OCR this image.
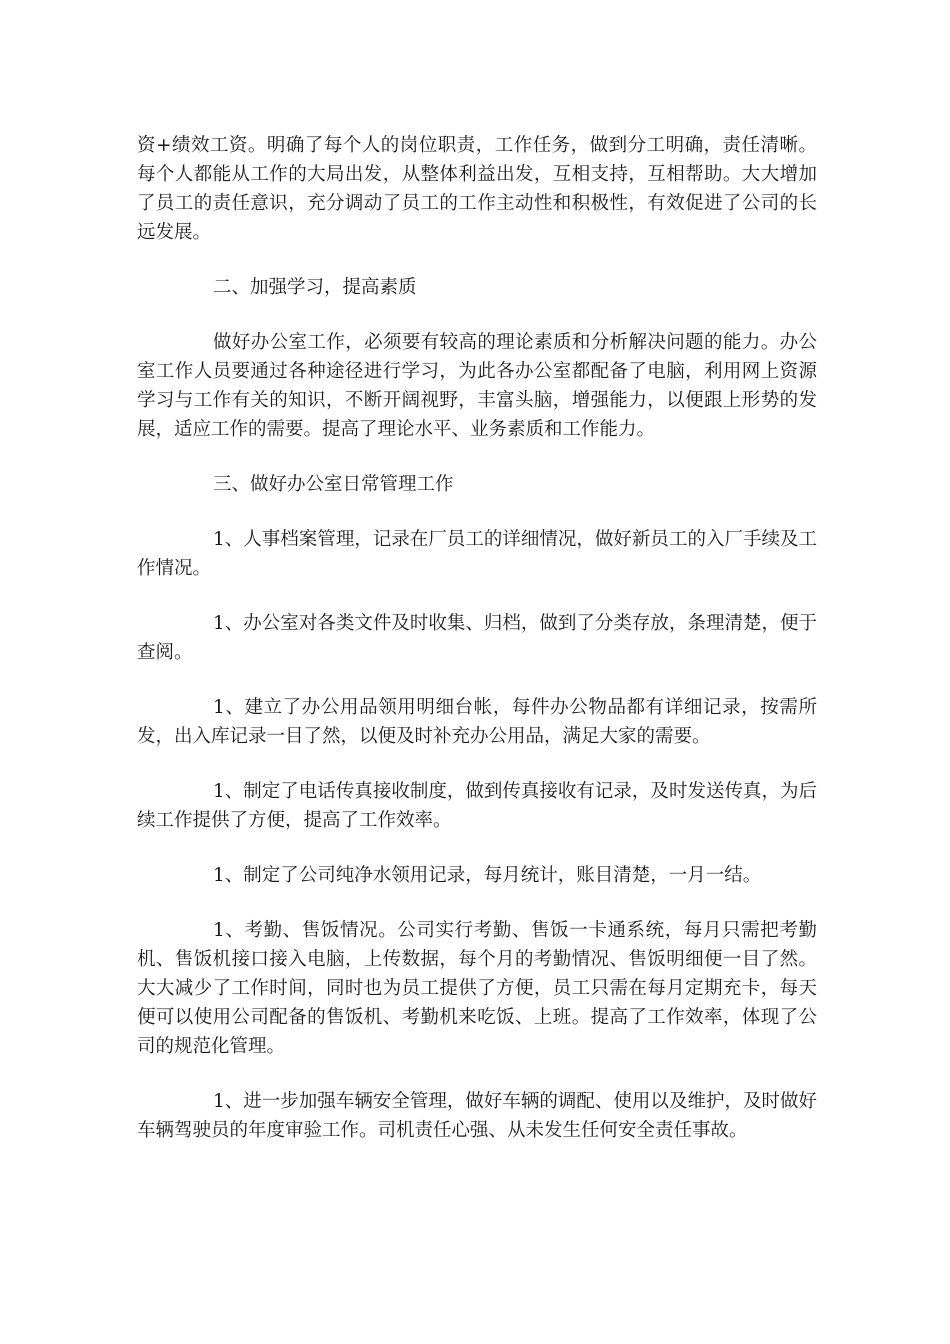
资+绩效工资。明确了每个人的岗位职责，工作任务，做到分工明确，责任清晰。每个人都能从工作的大局出发，从整体利益出发，互相支持，互相帮助。大大增加了员工的责任意识，充分调动了员工的工作主动性和积极性，有效促进了公司的长远发展。

二、加强学习，提高素质

做好办公室工作，必须要有较高的理论素质和分析解决问题的能力。办公室工作人员要通过各种途径进行学习，为此各办公室都配备了电脑，利用网上资源学习与工作有关的知识，不断开阔视野，丰富头脑，增强能力，以便跟上形势的发展，适应工作的需要。提高了理论水平、业务素质和工作能力。

三、做好办公室日常管理工作

1、人事档案管理，记录在厂员工的详细情况，做好新员工的入厂手续及工作情况。

1、办公室对各类文件及时收集、归档，做到了分类存放，条理清楚，便于查阅。

1、建立了办公用品领用明细台帐，每件办公物品都有详细记录，按需所发，出入库记录一目了然，以便及时补充办公用品，满足大家的需要。

1、制定了电话传真接收制度，做到传真接收有记录，及时发送传真，为后续工作提供了方便，提高了工作效率。

1、制定了公司纯净水领用记录，每月统计，账目清楚，一月一结。

1、考勤、售饭情况。公司实行考勤、售饭一卡通系统，每月只需把考勤机、售饭机接口接入电脑，上传数据，每个月的考勤情况、售饭明细便一目了然。大大减少了工作时间，同时也为员工提供了方便，员工只需在每月定期充卡，每天便可以使用公司配备的售饭机、考勤机来吃饭、上班。提高了工作效率，体现了公司的规范化管理。

1、进一步加强车辆安全管理，做好车辆的调配、使用以及维护，及时做好车辆驾驶员的年度审验工作。司机责任心强、从未发生任何安全责任事故。
